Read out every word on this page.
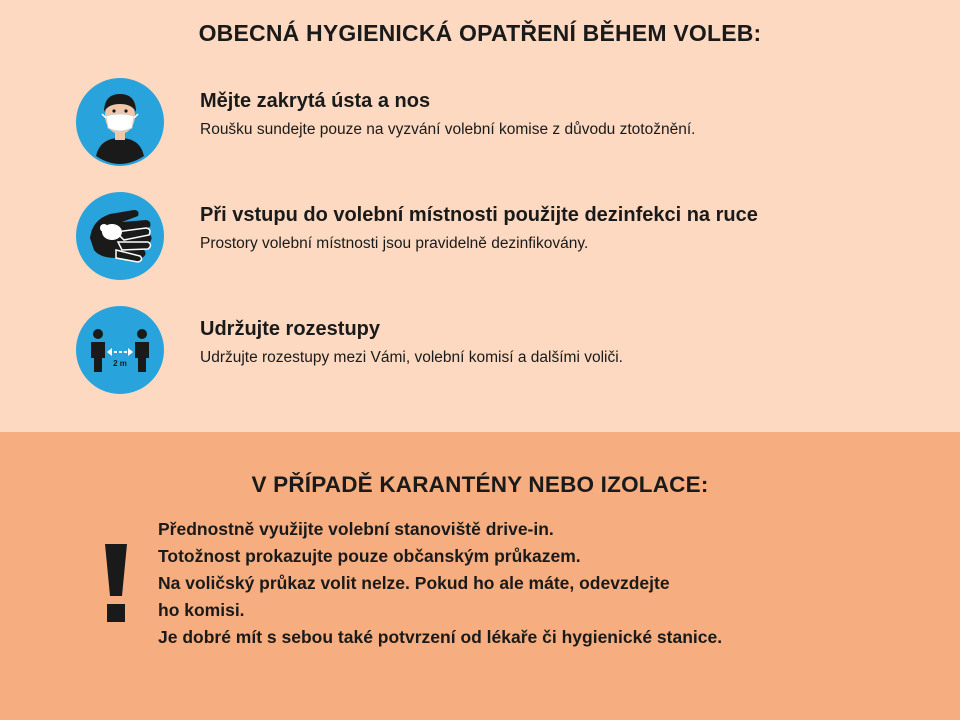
OBECNÁ HYGIENICKÁ OPATŘENÍ BĚHEM VOLEB:

Mějte zakrytá ústa a nos

Roušku sundejte pouze na vyzvání volební komise z důvodu ztotožnění.

Při vstupu do volební místnosti použijte dezinfekci na ruce

Prostory volební místnosti jsou pravidelně dezinfikovány.

2 m

Udržujte rozestupy

Udržujte rozestupy mezi Vámi, volební komisí a dalšími voliči.

V PŘÍPADĚ KARANTÉNY NEBO IZOLACE:
Přednostně využijte volební stanoviště drive-in.
Totožnost prokazujte pouze občanským průkazem.
Na voličský průkaz volit nelze. Pokud ho ale máte, odevzdejte
ho komisi.
Je dobré mít s sebou také potvrzení od lékaře či hygienické stanice.
